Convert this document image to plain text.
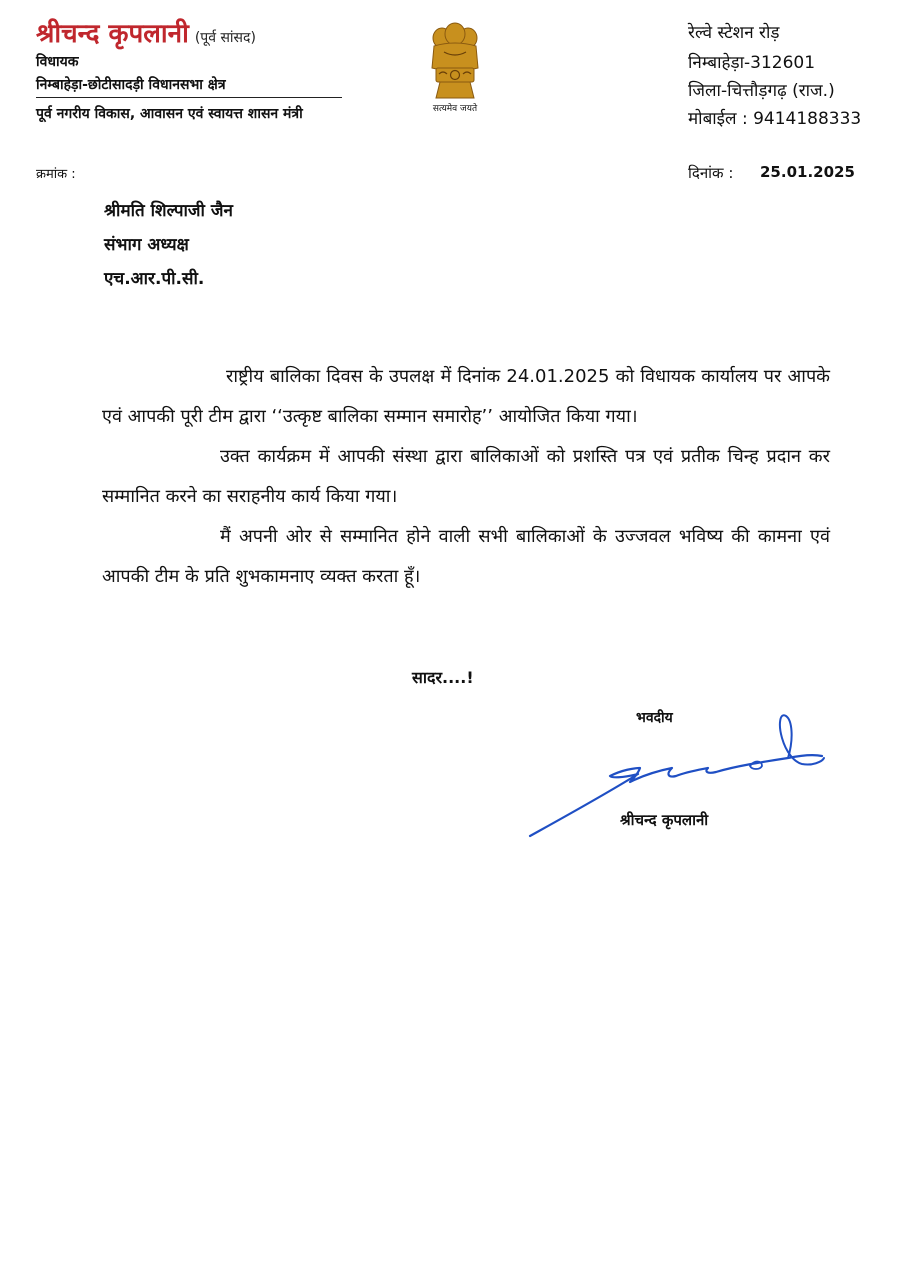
श्रीचन्द कृपलानी (पूर्व सांसद)
विधायक
निम्बाहेड़ा-छोटीसादड़ी विधानसभा क्षेत्र
पूर्व नगरीय विकास, आवासन एवं स्वायत्त शासन मंत्री	सत्यमेव जयते
रेल्वे स्टेशन रोड़
निम्बाहेड़ा-312601
जिला-चित्तौड़गढ़ (राज.)
मोबाईल : 9414188333
क्रमांक :	दिनांक : 25.01.2025
श्रीमति शिल्पाजी जैन
संभाग अध्यक्ष
एच.आर.पी.सी.

राष्ट्रीय बालिका दिवस के उपलक्ष में दिनांक 24.01.2025 को विधायक कार्यालय पर आपके एवं आपकी पूरी टीम द्वारा ‘‘उत्कृष्ट बालिका सम्मान समारोह’’ आयोजित किया गया।

उक्त कार्यक्रम में आपकी संस्था द्वारा बालिकाओं को प्रशस्ति पत्र एवं प्रतीक चिन्ह प्रदान कर सम्मानित करने का सराहनीय कार्य किया गया।

मैं अपनी ओर से सम्मानित होने वाली सभी बालिकाओं के उज्जवल भविष्य की कामना एवं आपकी टीम के प्रति शुभकामनाए व्यक्त करता हूँ।

सादर....!
भवदीय
श्रीचन्द कृपलानी
